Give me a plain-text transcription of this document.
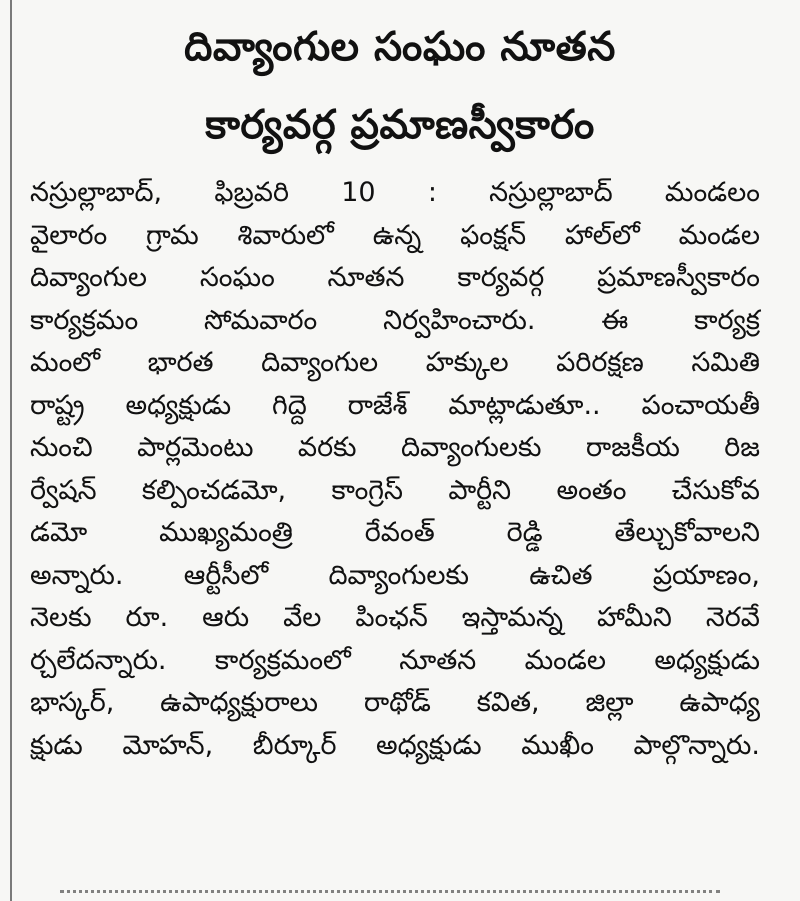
దివ్యాంగుల సంఘం నూతన
కార్యవర్గ ప్రమాణస్వీకారం
నస్రుల్లాబాద్, ఫిబ్రవరి 10 : నస్రుల్లాబాద్ మండలం
వైలారం గ్రామ శివారులో ఉన్న ఫంక్షన్ హాల్‌లో మండల
దివ్యాంగుల సంఘం నూతన కార్యవర్గ ప్రమాణస్వీకారం
కార్యక్రమం సోమవారం నిర్వహించారు. ఈ కార్యక్ర
మంలో భారత దివ్యాంగుల హక్కుల పరిరక్షణ సమితి
రాష్ట్ర అధ్యక్షుడు గిద్దె రాజేశ్ మాట్లాడుతూ.. పంచాయతీ
నుంచి పార్లమెంటు వరకు దివ్యాంగులకు రాజకీయ రిజ
ర్వేషన్ కల్పించడమో, కాంగ్రెస్ పార్టీని అంతం చేసుకోవ
డమో ముఖ్యమంత్రి రేవంత్ రెడ్డి తేల్చుకోవాలని
అన్నారు. ఆర్టీసీలో దివ్యాంగులకు ఉచిత ప్రయాణం,
నెలకు రూ. ఆరు వేల పింఛన్ ఇస్తామన్న హామీని నెరవే
ర్చలేదన్నారు. కార్యక్రమంలో నూతన మండల అధ్యక్షుడు
భాస్కర్, ఉపాధ్యక్షురాలు రాథోడ్ కవిత, జిల్లా ఉపాధ్య
క్షుడు మోహన్, బీర్కూర్ అధ్యక్షుడు ముఖీం పాల్గొన్నారు.
